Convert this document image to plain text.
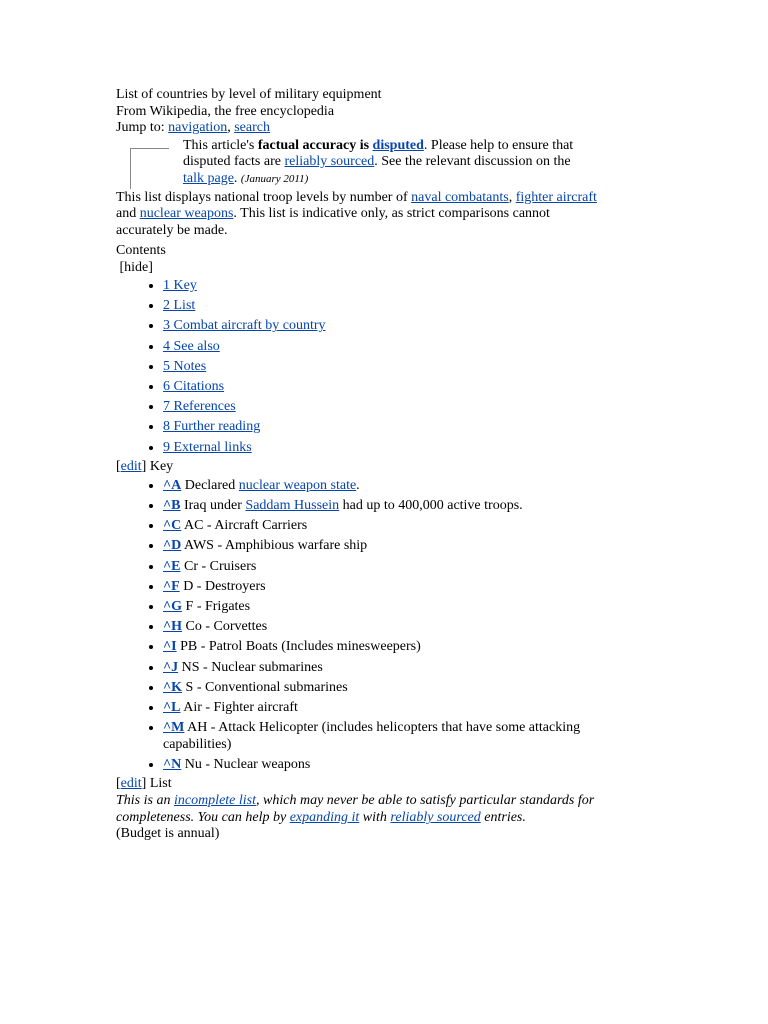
List of countries by level of military equipment
From Wikipedia, the free encyclopedia
Jump to: navigation, search
This article's factual accuracy is disputed. Please help to ensure that
disputed facts are reliably sourced. See the relevant discussion on the
talk page. (January 2011)
This list displays national troop levels by number of naval combatants, fighter aircraft
and nuclear weapons. This list is indicative only, as strict comparisons cannot
accurately be made.
Contents
[hide]
• 1 Key
• 2 List
• 3 Combat aircraft by country
• 4 See also
• 5 Notes
• 6 Citations
• 7 References
• 8 Further reading
• 9 External links
[edit] Key
• ^A Declared nuclear weapon state.
• ^B Iraq under Saddam Hussein had up to 400,000 active troops.
• ^C AC - Aircraft Carriers
• ^D AWS - Amphibious warfare ship
• ^E Cr - Cruisers
• ^F D - Destroyers
• ^G F - Frigates
• ^H Co - Corvettes
• ^I PB - Patrol Boats (Includes minesweepers)
• ^J NS - Nuclear submarines
• ^K S - Conventional submarines
• ^L Air - Fighter aircraft
• ^M AH - Attack Helicopter (includes helicopters that have some attacking
capabilities)
• ^N Nu - Nuclear weapons
[edit] List
This is an incomplete list, which may never be able to satisfy particular standards for
completeness. You can help by expanding it with reliably sourced entries.
(Budget is annual)
